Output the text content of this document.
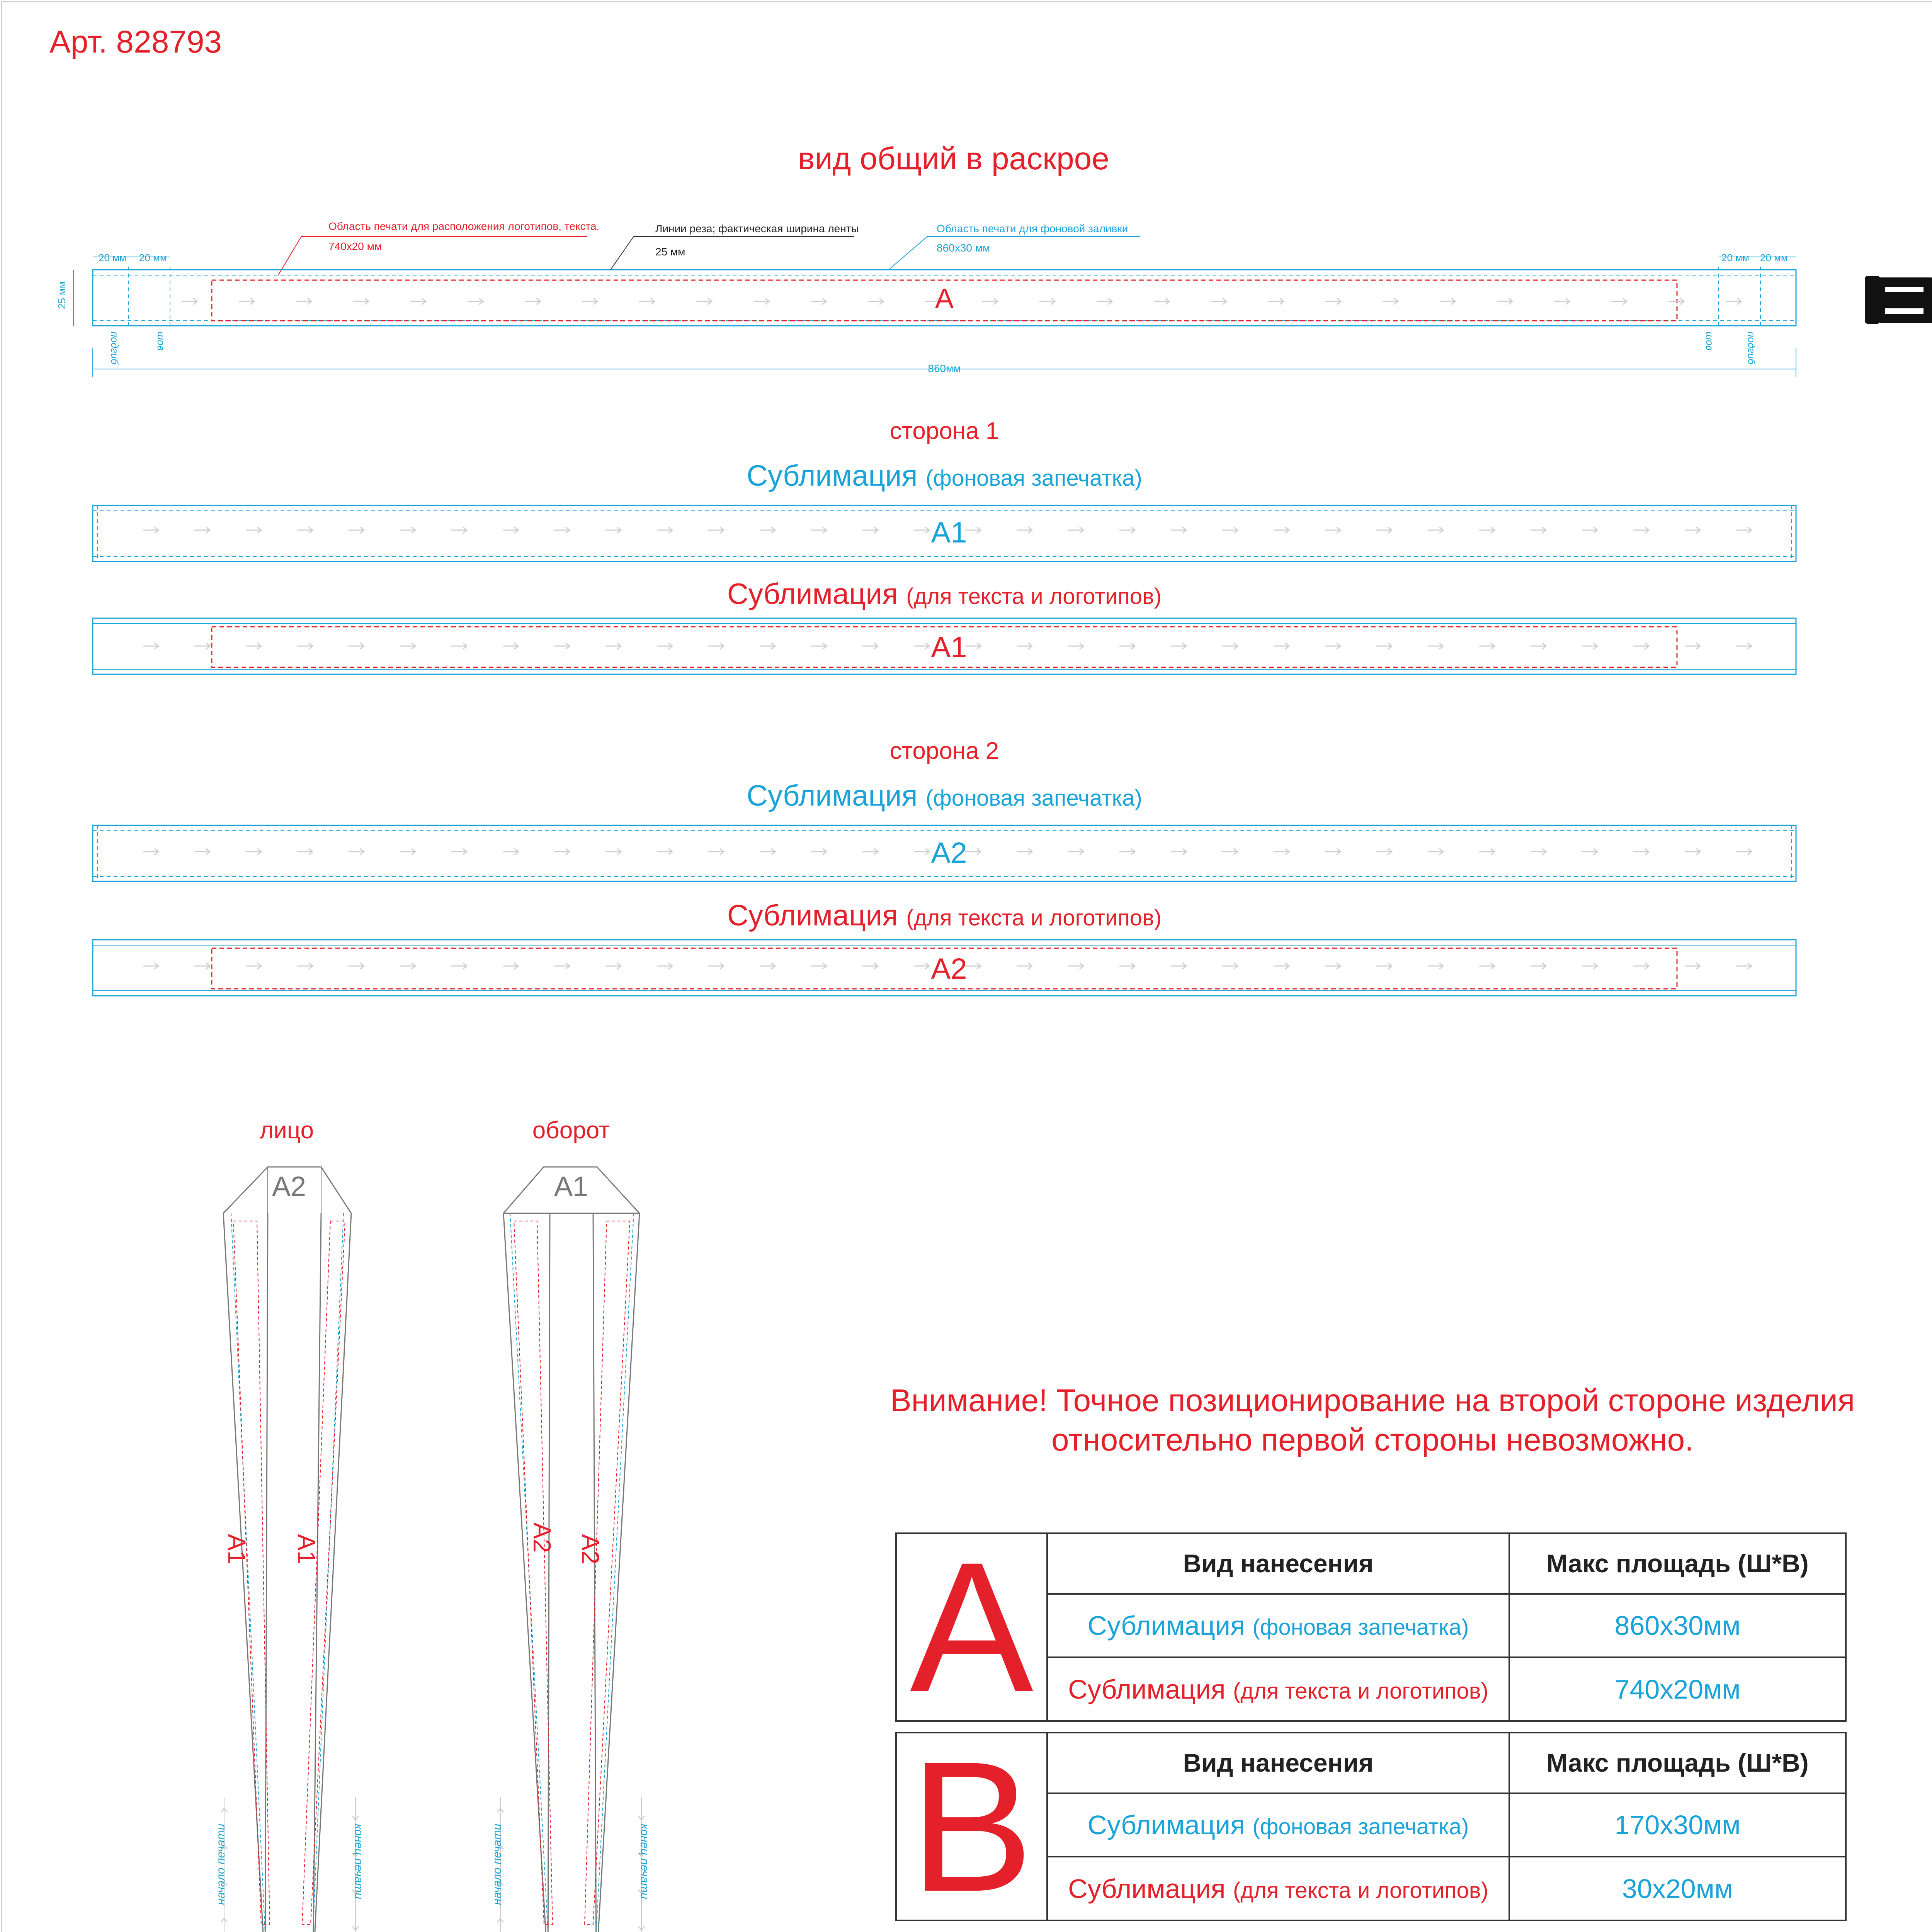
Арт. 828793
вид общий в раскрое
Область печати для расположения логотипов, текста.
740x20 мм
Линии реза; фактическая ширина ленты
25 мм
Область печати для фоновой заливки
860x30 мм
20 мм 20 мм	20 мм 20 мм
25 мм
860мм
подгиб	шов	шов	подгиб
A
сторона 1
Сублимация (фоновая запечатка)
A1
Сублимация (для текста и логотипов)
A1
сторона 2
Сублимация (фоновая запечатка)
A2
Сублимация (для текста и логотипов)
A2
лицо	оборот
A2	A1
A1 A1	A2 A2
начало печати	конец печати	начало печати	конец печати
Внимание! Точное позиционирование на второй стороне изделия
относительно первой стороны невозможно.
A	Вид нанесения	Макс площадь (Ш*В)
	Сублимация (фоновая запечатка)	860x30мм
	Сублимация (для текста и логотипов)	740x20мм
B	Вид нанесения	Макс площадь (Ш*В)
	Сублимация (фоновая запечатка)	170x30мм
	Сублимация (для текста и логотипов)	30x20мм
